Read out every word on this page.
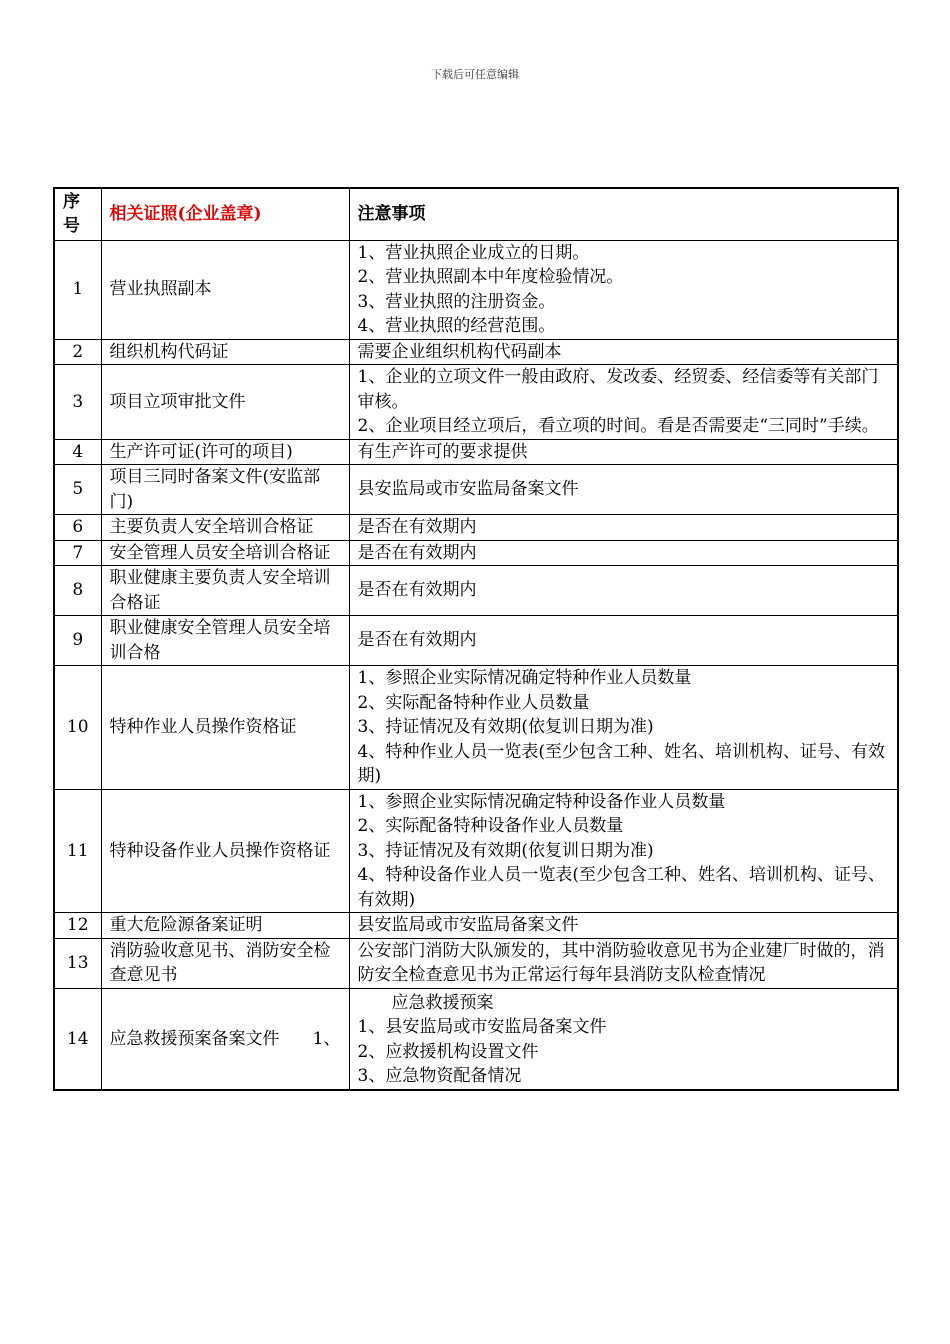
下载后可任意编辑
序
号	相关证照(企业盖章)	注意事项
1	营业执照副本	1、营业执照企业成立的日期。
2、营业执照副本中年度检验情况。
3、营业执照的注册资金。
4、营业执照的经营范围。

2	组织机构代码证	需要企业组织机构代码副本
3	项目立项审批文件	1、企业的立项文件一般由政府、发改委、经贸委、经信委等有关部门审核。
2、企业项目经立项后，看立项的时间。看是否需要走“三同时”手续。

4	生产许可证(许可的项目)	有生产许可的要求提供
5	项目三同时备案文件(安监部门)	县安监局或市安监局备案文件
6	主要负责人安全培训合格证	是否在有效期内
7	安全管理人员安全培训合格证	是否在有效期内
8	职业健康主要负责人安全培训合格证	是否在有效期内
9	职业健康安全管理人员安全培训合格	是否在有效期内
10	特种作业人员操作资格证	1、参照企业实际情况确定特种作业人员数量
2、实际配备特种作业人员数量
3、持证情况及有效期(依复训日期为准)
4、特种作业人员一览表(至少包含工种、姓名、培训机构、证号、有效期)

11	特种设备作业人员操作资格证	1、参照企业实际情况确定特种设备作业人员数量
2、实际配备特种设备作业人员数量
3、持证情况及有效期(依复训日期为准)
4、特种设备作业人员一览表(至少包含工种、姓名、培训机构、证号、有效期)

12	重大危险源备案证明	县安监局或市安监局备案文件
13	消防验收意见书、消防安全检查意见书	公安部门消防大队颁发的，其中消防验收意见书为企业建厂时做的，消防安全检查意见书为正常运行每年县消防支队检查情况
14	应急救援预案备案文件 1、	应急救援预案
1、县安监局或市安监局备案文件
2、应救援机构设置文件
3、应急物资配备情况
